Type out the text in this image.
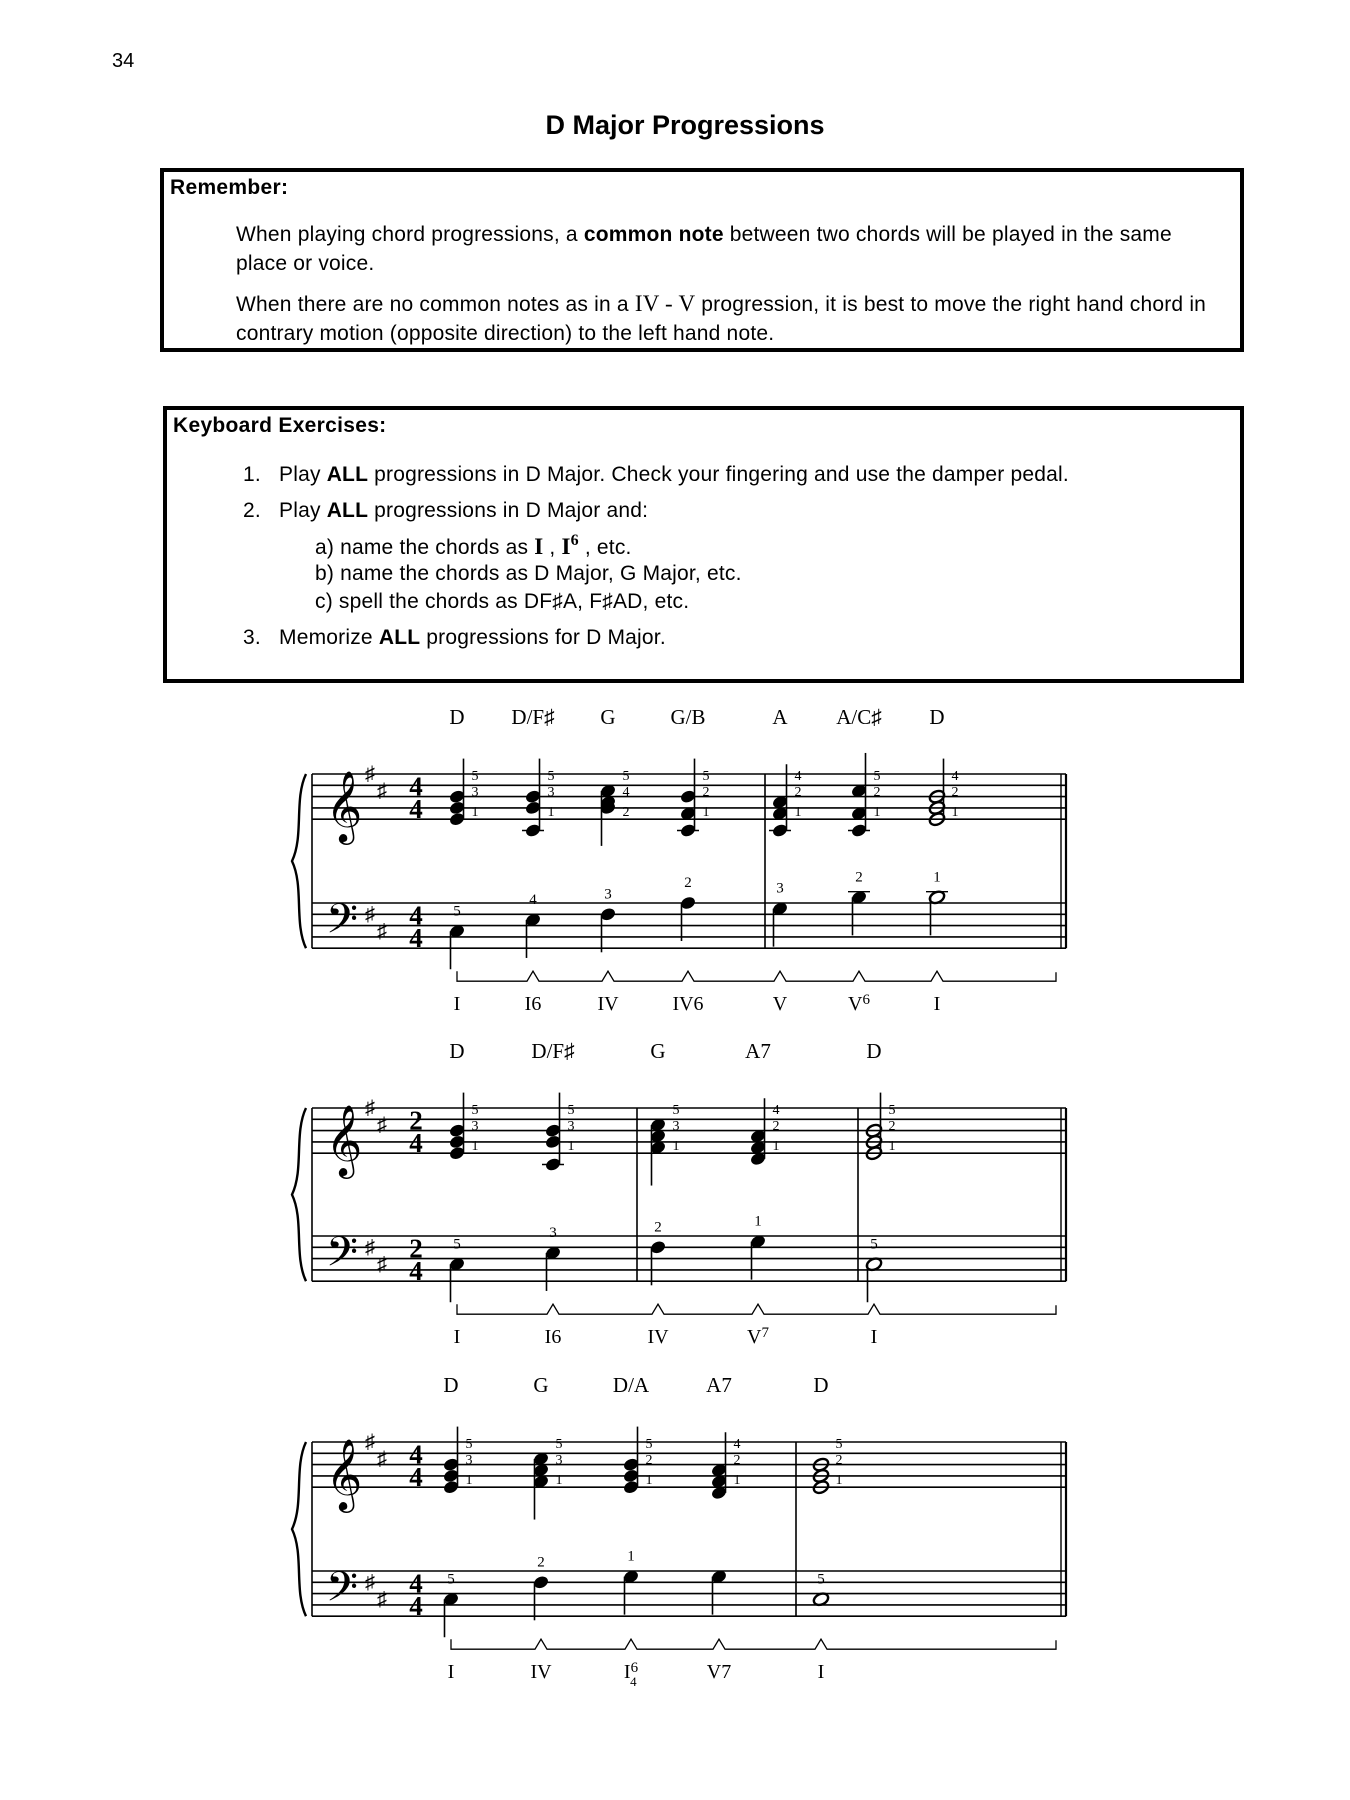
34
D Major Progressions
Remember:
When playing chord progressions, a common note between two chords will be played in the same place or voice.
When there are no common notes as in a IV - V progression, it is best to move the right hand chord in contrary motion (opposite direction) to the left hand note.
Keyboard Exercises:
1. Play ALL progressions in D Major. Check your fingering and use the damper pedal.
2. Play ALL progressions in D Major and:
a) name the chords as I , $I^6$ , etc.
b) name the chords as D Major, G Major, etc.
c) spell the chords as DF♯A, F♯AD, etc.
3. Memorize ALL progressions for D Major.
𝄞
𝄢
♯
♯
♯
♯
4
4
4
4
D
5
3
1
5
I
D/F♯
5
3
1
4
I6
G
5
4
2
3
IV
G/B
5
2
1
2
IV6
A
4
2
1
3
V
A/C♯
5
2
1
2
$V^6$
D
4
2
1
1
I
𝄞
𝄢
♯
♯
♯
♯
2
4
2
4
D
5
3
1
5
I
D/F♯
5
3
1
3
I6
G
5
3
1
2
IV
A7
4
2
1
1
$V^7$
D
5
2
1
5
I
𝄞
𝄢
♯
♯
♯
♯
4
4
4
4
D
5
3
1
5
I
G
5
3
1
2
IV
D/A
5
2
1
1
$I^6$ 4
A7
4
2
1
V7
D
5
2
1
5
I
